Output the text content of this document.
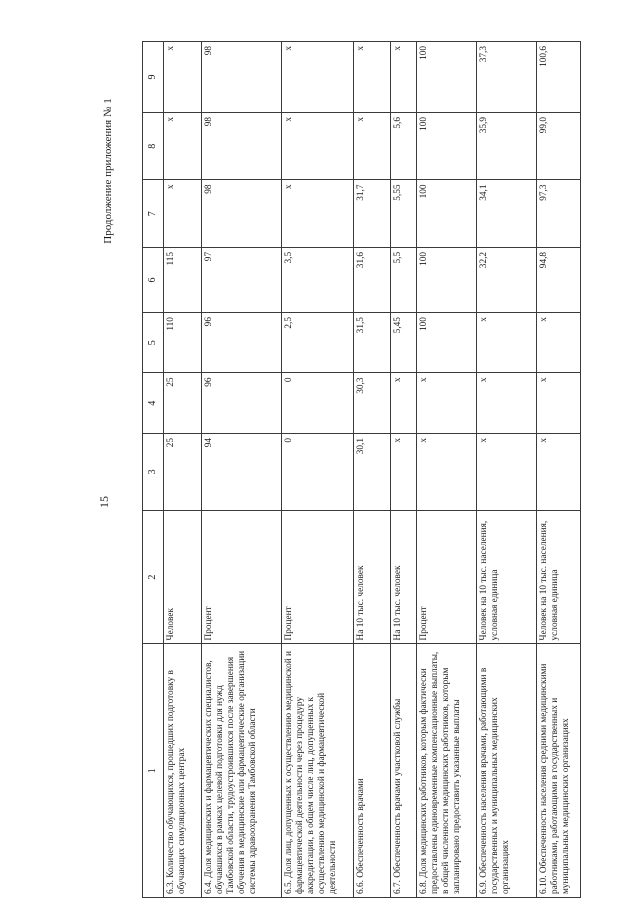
15
Продолжение приложения № 1
1	2	3	4	5	6	7	8	9
6.3. Количество обучающихся, прошедших подготовку в обучающих симуляционных центрах	Человек	25	25	110	115	х	х	х
6.4. Доля медицинских и фармацевтических специалистов, обучавшихся в рамках целевой подготовки для нужд Тамбовской области, трудоустроившихся после завершения обучения в медицинские или фармацевтические организации системы здравоохранения Тамбовской области	Процент	94	96	96	97	98	98	98
6.5. Доля лиц, допущенных к осуществлению медицинской и фармацевтической деятельности через процедуру аккредитации, в общем числе лиц, допущенных к осуществлению медицинской и фармацевтической деятельности	Процент	0	0	2,5	3,5	х	х	х
6.6. Обеспеченность врачами	На 10 тыс. человек	30,1	30,3	31,5	31,6	31,7	х	х
6.7. Обеспеченность врачами участковой службы	На 10 тыс. человек	х	х	5,45	5,5	5,55	5,6	х
6.8. Доля медицинских работников, которым фактически предоставлены единовременные компенсационные выплаты, в общей численности медицинских работников, которым запланировано предоставить указанные выплаты	Процент	х	х	100	100	100	100	100
6.9. Обеспеченность населения врачами, работающими в государственных и муниципальных медицинских организациях	Человек на 10 тыс. населения, условная единица	х	х	х	32,2	34,1	35,9	37,3
6.10. Обеспеченность населения средними медицинскими работниками, работающими в государственных и муниципальных медицинских организациях	Человек на 10 тыс. населения, условная единица	х	х	х	94,8	97,3	99,0	100,6
